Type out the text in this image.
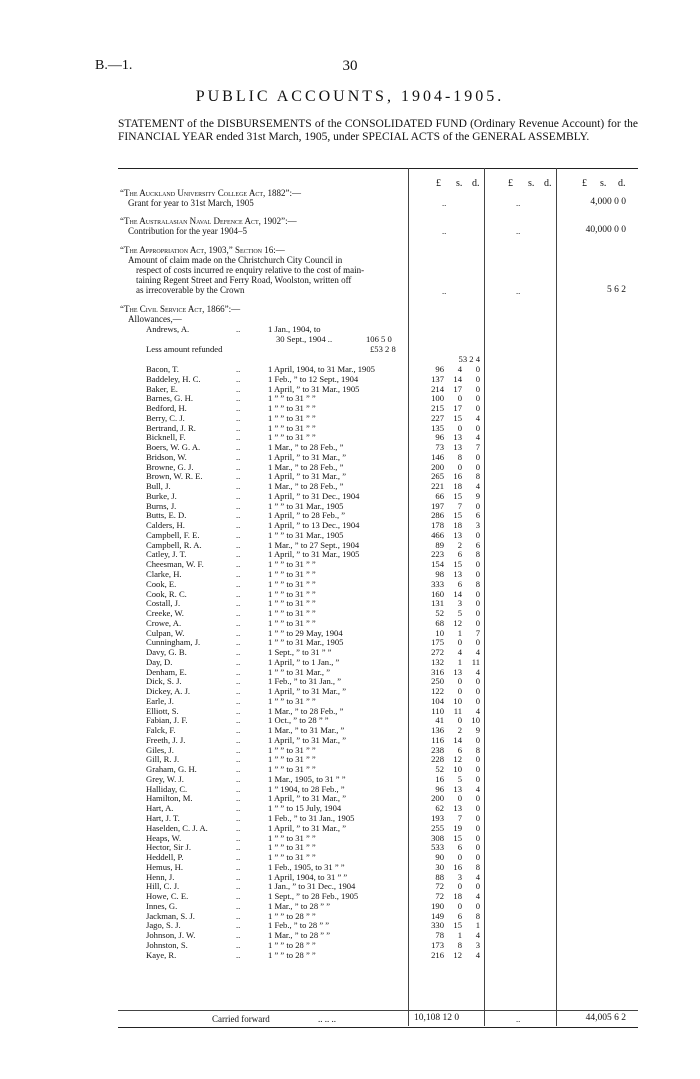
B.—1.	30
PUBLIC ACCOUNTS, 1904-1905.
STATEMENT of the DISBURSEMENTS of the CONSOLIDATED FUND (Ordinary Revenue Account) for the FINANCIAL YEAR ended 31st March, 1905, under SPECIAL ACTS of the GENERAL ASSEMBLY.
£ s. d.	£ s. d.	£ s. d.
“The Auckland University College Act, 1882”:—
Grant for year to 31st March, 1905	..	..	4,000 0 0
“The Australasian Naval Defence Act, 1902”:—
Contribution for the year 1904–5	..	..	40,000 0 0
“The Appropriation Act, 1903,” Section 16:—
Amount of claim made on the Christchurch City Council in
respect of costs incurred re enquiry relative to the cost of main-
taining Regent Street and Ferry Road, Woolston, written off
as irrecoverable by the Crown	..	..	5 6 2
“The Civil Service Act, 1866”:—
Allowances,—
Andrews, A.	..	1 Jan., 1904, to
30 Sept., 1904 ..	106 5 0
Less amount refunded	£53 2 8
53 2 4
Bacon, T.	..	1 April, 1904, to 31 Mar., 1905	96	4	0
Baddeley, H. C.	..	1 Feb., ” to 12 Sept., 1904	137	14	0
Baker, E.	..	1 April, ” to 31 Mar., 1905	214	17	0
Barnes, G. H.	..	1 ” ” to 31 ” ”	100	0	0
Bedford, H.	..	1 ” ” to 31 ” ”	215	17	0
Berry, C. J.	..	1 ” ” to 31 ” ”	227	15	4
Bertrand, J. R.	..	1 ” ” to 31 ” ”	135	0	0
Bicknell, F.	..	1 ” ” to 31 ” ”	96	13	4
Boers, W. G. A.	..	1 Mar., ” to 28 Feb., ”	73	13	7
Bridson, W.	..	1 April, ” to 31 Mar., ”	146	8	0
Browne, G. J.	..	1 Mar., ” to 28 Feb., ”	200	0	0
Brown, W. R. E.	..	1 April, ” to 31 Mar., ”	265	16	8
Bull, J.	..	1 Mar., ” to 28 Feb., ”	221	18	4
Burke, J.	..	1 April, ” to 31 Dec., 1904	66	15	9
Burns, J.	..	1 ” ” to 31 Mar., 1905	197	7	0
Butts, E. D.	..	1 April, ” to 28 Feb., ”	286	15	6
Calders, H.	..	1 April, ” to 13 Dec., 1904	178	18	3
Campbell, F. E.	..	1 ” ” to 31 Mar., 1905	466	13	0
Campbell, R. A.	..	1 Mar., ” to 27 Sept., 1904	89	2	6
Catley, J. T.	..	1 April, ” to 31 Mar., 1905	223	6	8
Cheesman, W. F.	..	1 ” ” to 31 ” ”	154	15	0
Clarke, H.	..	1 ” ” to 31 ” ”	98	13	0
Cook, E.	..	1 ” ” to 31 ” ”	333	6	8
Cook, R. C.	..	1 ” ” to 31 ” ”	160	14	0
Costall, J.	..	1 ” ” to 31 ” ”	131	3	0
Creeke, W.	..	1 ” ” to 31 ” ”	52	5	0
Crowe, A.	..	1 ” ” to 31 ” ”	68	12	0
Culpan, W.	..	1 ” ” to 29 May, 1904	10	1	7
Cunningham, J.	..	1 ” ” to 31 Mar., 1905	175	0	0
Davy, G. B.	..	1 Sept., ” to 31 ” ”	272	4	4
Day, D.	..	1 April, ” to 1 Jan., ”	132	1	11
Denham, E.	..	1 ” ” to 31 Mar., ”	316	13	4
Dick, S. J.	..	1 Feb., ” to 31 Jan., ”	250	0	0
Dickey, A. J.	..	1 April, ” to 31 Mar., ”	122	0	0
Earle, J.	..	1 ” ” to 31 ” ”	104	10	0
Elliott, S.	..	1 Mar., ” to 28 Feb., ”	110	11	4
Fabian, J. F.	..	1 Oct., ” to 28 ” ”	41	0	10
Falck, F.	..	1 Mar., ” to 31 Mar., ”	136	2	9
Freeth, J. J.	..	1 April, ” to 31 Mar., ”	116	14	0
Giles, J.	..	1 ” ” to 31 ” ”	238	6	8
Gill, R. J.	..	1 ” ” to 31 ” ”	228	12	0
Graham, G. H.	..	1 ” ” to 31 ” ”	52	10	0
Grey, W. J.	..	1 Mar., 1905, to 31 ” ”	16	5	0
Halliday, C.	..	1 ” 1904, to 28 Feb., ”	96	13	4
Hamilton, M.	..	1 April, ” to 31 Mar., ”	200	0	0
Hart, A.	..	1 ” ” to 15 July, 1904	62	13	0
Hart, J. T.	..	1 Feb., ” to 31 Jan., 1905	193	7	0
Haselden, C. J. A.	..	1 April, ” to 31 Mar., ”	255	19	0
Heaps, W.	..	1 ” ” to 31 ” ”	308	15	0
Hector, Sir J.	..	1 ” ” to 31 ” ”	533	6	0
Heddell, P.	..	1 ” ” to 31 ” ”	90	0	0
Hemus, H.	..	1 Feb., 1905, to 31 ” ”	30	16	8
Henn, J.	..	1 April, 1904, to 31 ” ”	88	3	4
Hill, C. J.	..	1 Jan., ” to 31 Dec., 1904	72	0	0
Howe, C. E.	..	1 Sept., ” to 28 Feb., 1905	72	18	4
Innes, G.	..	1 Mar., ” to 28 ” ”	190	0	0
Jackman, S. J.	..	1 ” ” to 28 ” ”	149	6	8
Jago, S. J.	..	1 Feb., ” to 28 ” ”	330	15	1
Johnson, J. W.	..	1 Mar., ” to 28 ” ”	78	1	4
Johnston, S.	..	1 ” ” to 28 ” ”	173	8	3
Kaye, R.	..	1 ” ” to 28 ” ”	216	12	4
Carried forward	.. .. ..	10,108 12 0	..	44,005 6 2
